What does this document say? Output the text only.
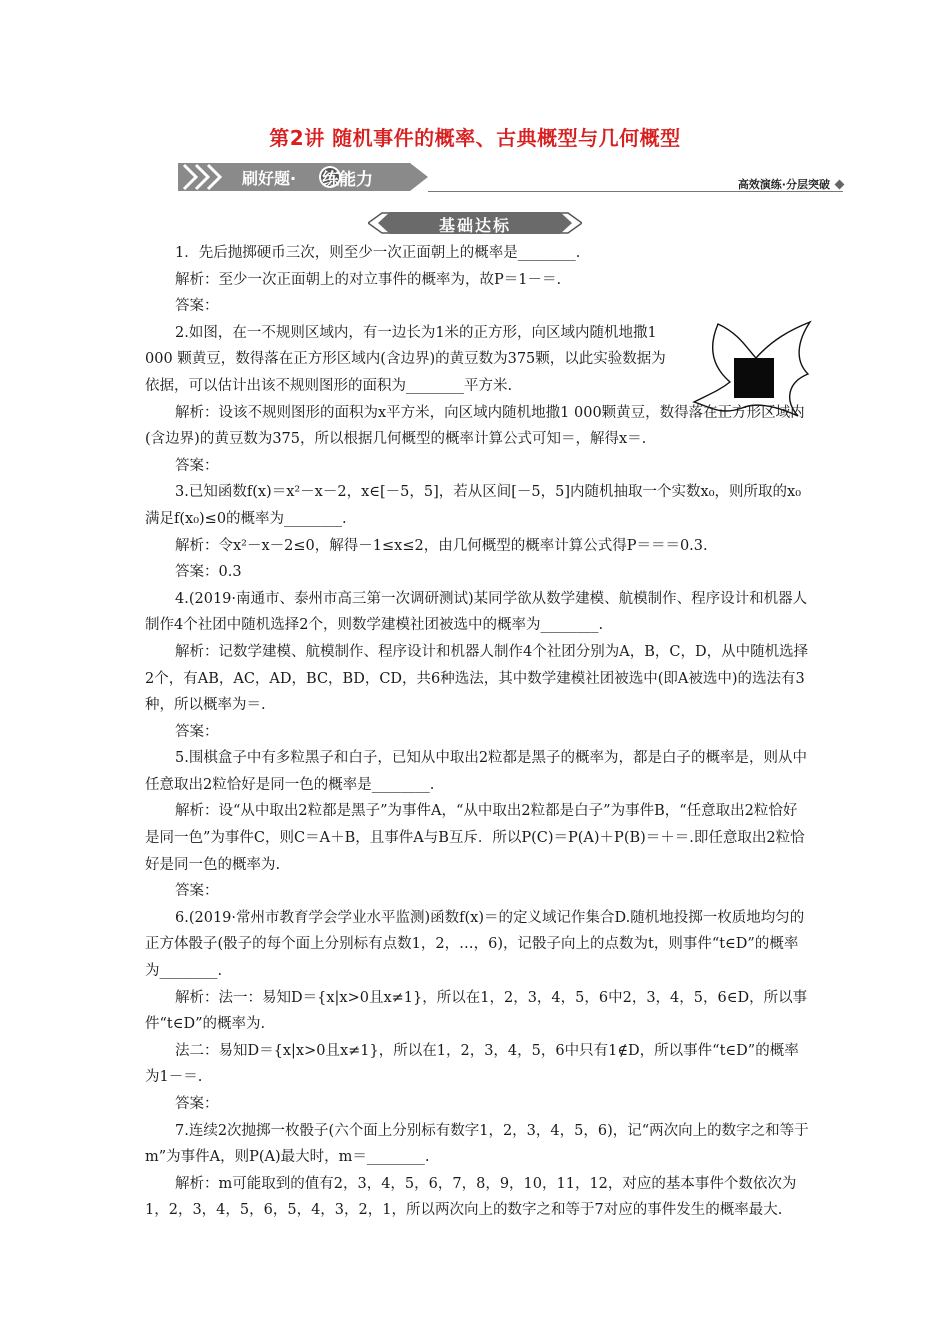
第2讲 随机事件的概率、古典概型与几何概型
刷好题· 练能力	高效演练·分层突破
基础达标

1．先后抛掷硬币三次，则至少一次正面朝上的概率是________.

解析：至少一次正面朝上的对立事件的概率为，故P＝1－＝.

答案：

2.如图，在一不规则区域内，有一边长为1米的正方形，向区域内随机地撒1 000 颗黄豆，数得落在正方形区域内(含边界)的黄豆数为375颗，以此实验数据为依据，可以估计出该不规则图形的面积为________平方米.

解析：设该不规则图形的面积为x平方米，向区域内随机地撒1 000颗黄豆，数得落在正方形区域内(含边界)的黄豆数为375，所以根据几何概型的概率计算公式可知＝，解得x＝.

答案：

3.已知函数f(x)＝x²－x－2，x∈[－5，5]，若从区间[－5，5]内随机抽取一个实数x₀，则所取的x₀满足f(x₀)≤0的概率为________.

解析：令x²－x－2≤0，解得－1≤x≤2，由几何概型的概率计算公式得P＝＝＝0.3.

答案：0.3

4.(2019·南通市、泰州市高三第一次调研测试)某同学欲从数学建模、航模制作、程序设计和机器人制作4个社团中随机选择2个，则数学建模社团被选中的概率为________.

解析：记数学建模、航模制作、程序设计和机器人制作4个社团分别为A，B，C，D，从中随机选择2个，有AB，AC，AD，BC，BD，CD，共6种选法，其中数学建模社团被选中(即A被选中)的选法有3种，所以概率为＝.

答案：

5.围棋盒子中有多粒黑子和白子，已知从中取出2粒都是黑子的概率为，都是白子的概率是，则从中任意取出2粒恰好是同一色的概率是________.

解析：设“从中取出2粒都是黑子”为事件A，“从中取出2粒都是白子”为事件B，“任意取出2粒恰好是同一色”为事件C，则C＝A＋B，且事件A与B互斥．所以P(C)＝P(A)＋P(B)＝＋＝.即任意取出2粒恰好是同一色的概率为.

答案：

6.(2019·常州市教育学会学业水平监测)函数f(x)＝的定义域记作集合D.随机地投掷一枚质地均匀的正方体骰子(骰子的每个面上分别标有点数1，2，…，6)，记骰子向上的点数为t，则事件“t∈D”的概率为________.

解析：法一：易知D＝{x|x>0且x≠1}，所以在1，2，3，4，5，6中2，3，4，5，6∈D，所以事件“t∈D”的概率为.

法二：易知D＝{x|x>0且x≠1}，所以在1，2，3，4，5，6中只有1∉D，所以事件“t∈D”的概率为1－＝.

答案：

7.连续2次抛掷一枚骰子(六个面上分别标有数字1，2，3，4，5，6)，记“两次向上的数字之和等于m”为事件A，则P(A)最大时，m＝________.

解析：m可能取到的值有2，3，4，5，6，7，8，9，10，11，12，对应的基本事件个数依次为1，2，3，4，5，6，5，4，3，2，1，所以两次向上的数字之和等于7对应的事件发生的概率最大.
